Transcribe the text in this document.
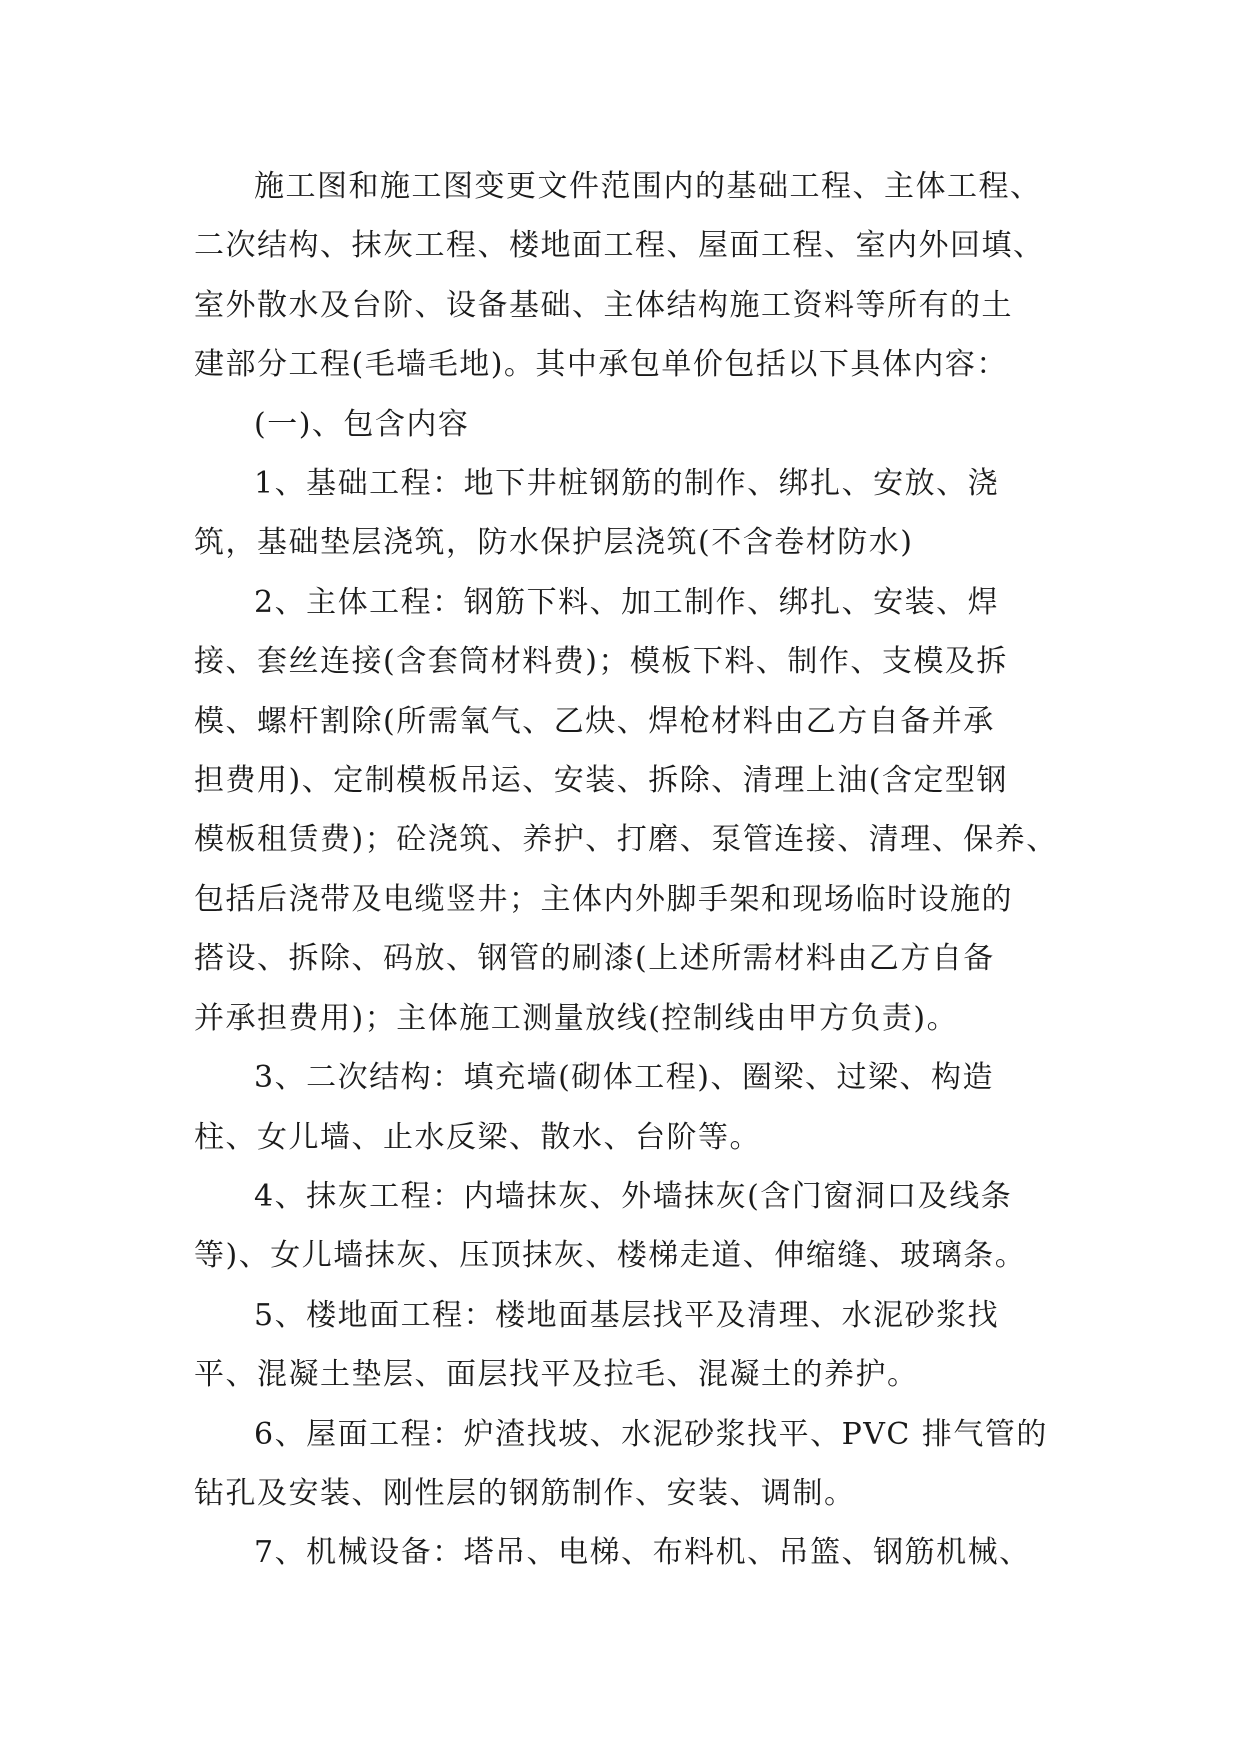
施工图和施工图变更文件范围内的基础工程、主体工程、
二次结构、抹灰工程、楼地面工程、屋面工程、室内外回填、
室外散水及台阶、设备基础、主体结构施工资料等所有的土
建部分工程(毛墙毛地)。其中承包单价包括以下具体内容：
(一)、包含内容
1、基础工程：地下井桩钢筋的制作、绑扎、安放、浇
筑，基础垫层浇筑，防水保护层浇筑(不含卷材防水)
2、主体工程：钢筋下料、加工制作、绑扎、安装、焊
接、套丝连接(含套筒材料费)；模板下料、制作、支模及拆
模、螺杆割除(所需氧气、乙炔、焊枪材料由乙方自备并承
担费用)、定制模板吊运、安装、拆除、清理上油(含定型钢
模板租赁费)；砼浇筑、养护、打磨、泵管连接、清理、保养、
包括后浇带及电缆竖井；主体内外脚手架和现场临时设施的
搭设、拆除、码放、钢管的刷漆(上述所需材料由乙方自备
并承担费用)；主体施工测量放线(控制线由甲方负责)。
3、二次结构：填充墙(砌体工程)、圈梁、过梁、构造
柱、女儿墙、止水反梁、散水、台阶等。
4、抹灰工程：内墙抹灰、外墙抹灰(含门窗洞口及线条
等)、女儿墙抹灰、压顶抹灰、楼梯走道、伸缩缝、玻璃条。
5、楼地面工程：楼地面基层找平及清理、水泥砂浆找
平、混凝土垫层、面层找平及拉毛、混凝土的养护。
6、屋面工程：炉渣找坡、水泥砂浆找平、PVC 排气管的
钻孔及安装、刚性层的钢筋制作、安装、调制。
7、机械设备：塔吊、电梯、布料机、吊篮、钢筋机械、
